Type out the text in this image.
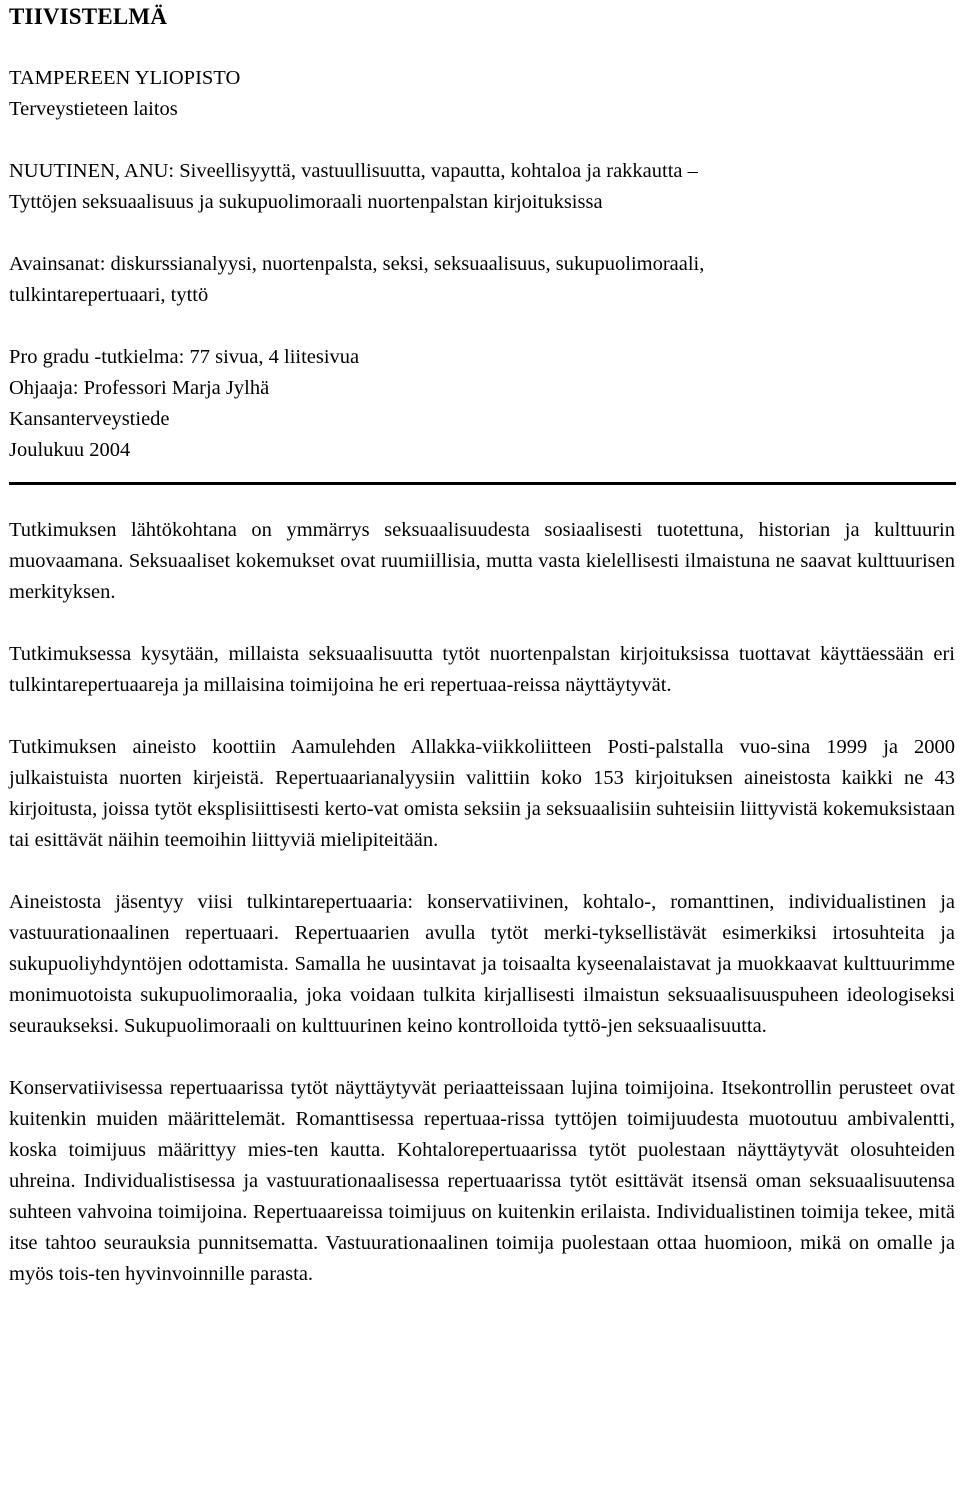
TIIVISTELMÄ
TAMPEREEN YLIOPISTO
Terveystieteen laitos
NUUTINEN, ANU: Siveellisyyttä, vastuullisuutta, vapautta, kohtaloa ja rakkautta –
Tyttöjen seksuaalisuus ja sukupuolimoraali nuortenpalstan kirjoituksissa
Avainsanat: diskurssianalyysi, nuortenpalsta, seksi, seksuaalisuus, sukupuolimoraali,
tulkintarepertuaari, tyttö
Pro gradu -tutkielma: 77 sivua, 4 liitesivua
Ohjaaja: Professori Marja Jylhä
Kansanterveystiede
Joulukuu 2004

Tutkimuksen lähtökohtana on ymmärrys seksuaalisuudesta sosiaalisesti tuotettuna, historian ja kulttuurin muovaamana. Seksuaaliset kokemukset ovat ruumiillisia, mutta vasta kielellisesti ilmaistuna ne saavat kulttuurisen merkityksen.

Tutkimuksessa kysytään, millaista seksuaalisuutta tytöt nuortenpalstan kirjoituksissa tuottavat käyttäessään eri tulkintarepertuaareja ja millaisina toimijoina he eri repertuaa-reissa näyttäytyvät.

Tutkimuksen aineisto koottiin Aamulehden Allakka-viikkoliitteen Posti-palstalla vuo-sina 1999 ja 2000 julkaistuista nuorten kirjeistä. Repertuaarianalyysiin valittiin koko 153 kirjoituksen aineistosta kaikki ne 43 kirjoitusta, joissa tytöt eksplisiittisesti kerto-vat omista seksiin ja seksuaalisiin suhteisiin liittyvistä kokemuksistaan tai esittävät näihin teemoihin liittyviä mielipiteitään.

Aineistosta jäsentyy viisi tulkintarepertuaaria: konservatiivinen, kohtalo-, romanttinen, individualistinen ja vastuurationaalinen repertuaari. Repertuaarien avulla tytöt merki-tyksellistävät esimerkiksi irtosuhteita ja sukupuoliyhdyntöjen odottamista. Samalla he uusintavat ja toisaalta kyseenalaistavat ja muokkaavat kulttuurimme monimuotoista sukupuolimoraalia, joka voidaan tulkita kirjallisesti ilmaistun seksuaalisuuspuheen ideologiseksi seuraukseksi. Sukupuolimoraali on kulttuurinen keino kontrolloida tyttö-jen seksuaalisuutta.

Konservatiivisessa repertuaarissa tytöt näyttäytyvät periaatteissaan lujina toimijoina. Itsekontrollin perusteet ovat kuitenkin muiden määrittelemät. Romanttisessa repertuaa-rissa tyttöjen toimijuudesta muotoutuu ambivalentti, koska toimijuus määrittyy mies-ten kautta. Kohtalorepertuaarissa tytöt puolestaan näyttäytyvät olosuhteiden uhreina. Individualistisessa ja vastuurationaalisessa repertuaarissa tytöt esittävät itsensä oman seksuaalisuutensa suhteen vahvoina toimijoina. Repertuaareissa toimijuus on kuitenkin erilaista. Individualistinen toimija tekee, mitä itse tahtoo seurauksia punnitsematta. Vastuurationaalinen toimija puolestaan ottaa huomioon, mikä on omalle ja myös tois-ten hyvinvoinnille parasta.
